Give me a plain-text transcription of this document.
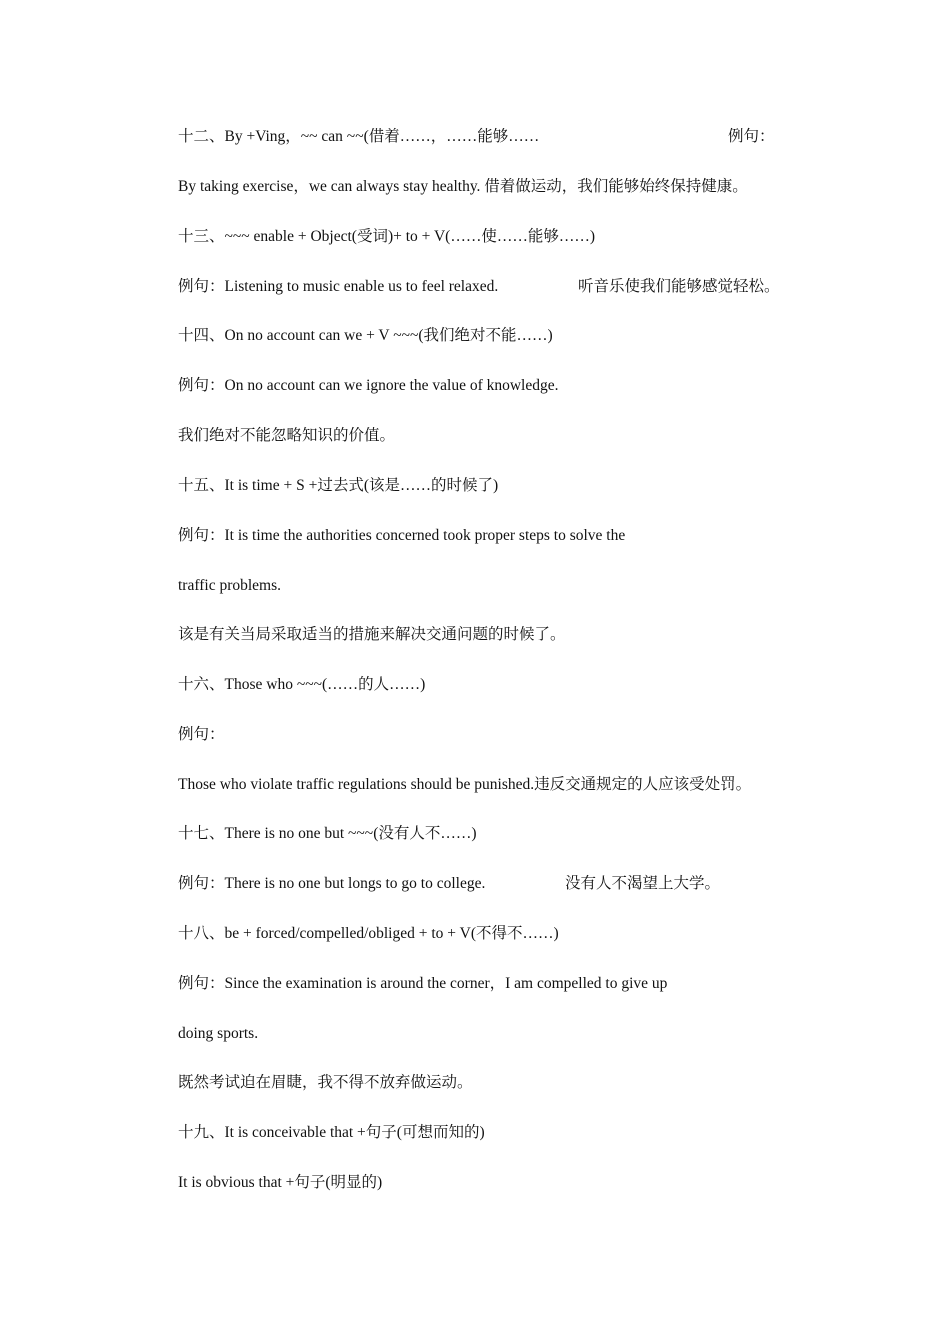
十二、By +Ving，~~ can ~~(借着……，……能够……	例句：
By taking exercise，we can always stay healthy. 借着做运动，我们能够始终保持健康。
十三、~~~ enable + Object(受词)+ to + V(……使……能够……)
例句：Listening to music enable us to feel relaxed.	听音乐使我们能够感觉轻松。
十四、On no account can we + V ~~~(我们绝对不能……)
例句：On no account can we ignore the value of knowledge.
我们绝对不能忽略知识的价值。
十五、It is time + S +过去式(该是……的时候了)
例句：It is time the authorities concerned took proper steps to solve the
traffic problems.
该是有关当局采取适当的措施来解决交通问题的时候了。
十六、Those who ~~~(……的人……)
例句：
Those who violate traffic regulations should be punished.违反交通规定的人应该受处罚。
十七、There is no one but ~~~(没有人不……)
例句：There is no one but longs to go to college.	没有人不渴望上大学。
十八、be + forced/compelled/obliged + to + V(不得不……)
例句：Since the examination is around the corner，I am compelled to give up
doing sports.
既然考试迫在眉睫，我不得不放弃做运动。
十九、It is conceivable that +句子(可想而知的)
It is obvious that +句子(明显的)
